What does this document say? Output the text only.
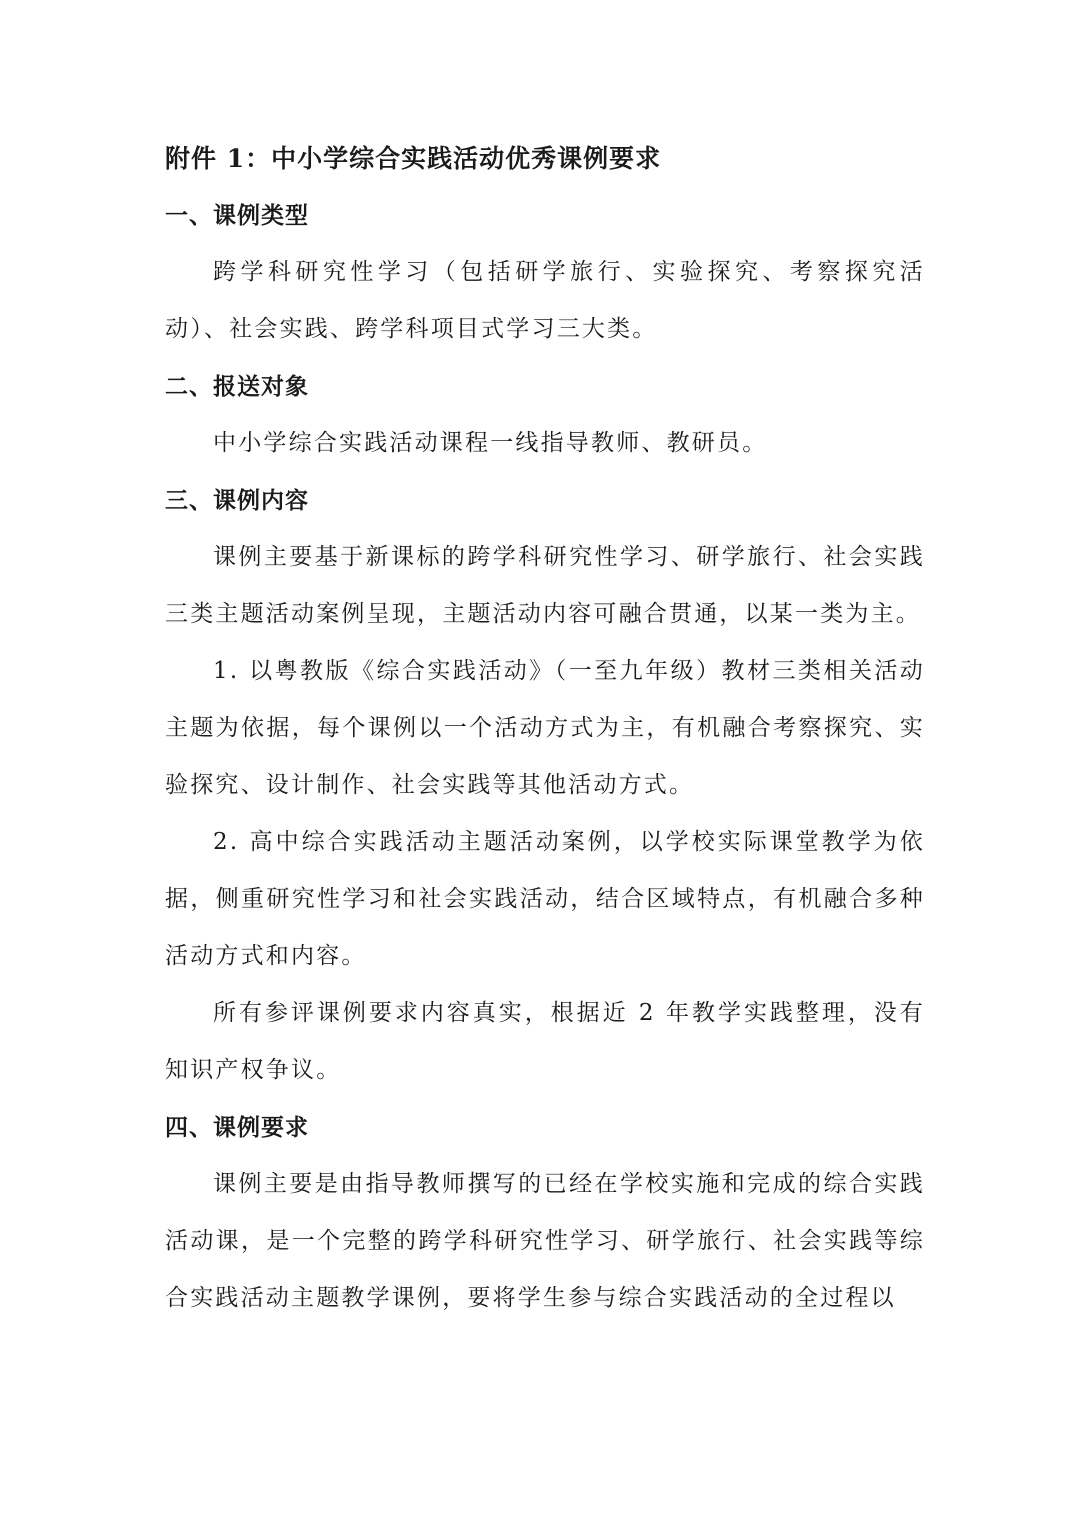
附件 1：中小学综合实践活动优秀课例要求
一、课例类型

跨学科研究性学习（包括研学旅行、实验探究、考察探究活动）、社会实践、跨学科项目式学习三大类。

二、报送对象

中小学综合实践活动课程一线指导教师、教研员。

三、课例内容

课例主要基于新课标的跨学科研究性学习、研学旅行、社会实践三类主题活动案例呈现，主题活动内容可融合贯通，以某一类为主。

1. 以粤教版《综合实践活动》（一至九年级）教材三类相关活动主题为依据，每个课例以一个活动方式为主，有机融合考察探究、实验探究、设计制作、社会实践等其他活动方式。

2. 高中综合实践活动主题活动案例，以学校实际课堂教学为依据，侧重研究性学习和社会实践活动，结合区域特点，有机融合多种活动方式和内容。

所有参评课例要求内容真实，根据近 2 年教学实践整理，没有知识产权争议。

四、课例要求

课例主要是由指导教师撰写的已经在学校实施和完成的综合实践活动课，是一个完整的跨学科研究性学习、研学旅行、社会实践等综合实践活动主题教学课例，要将学生参与综合实践活动的全过程以
